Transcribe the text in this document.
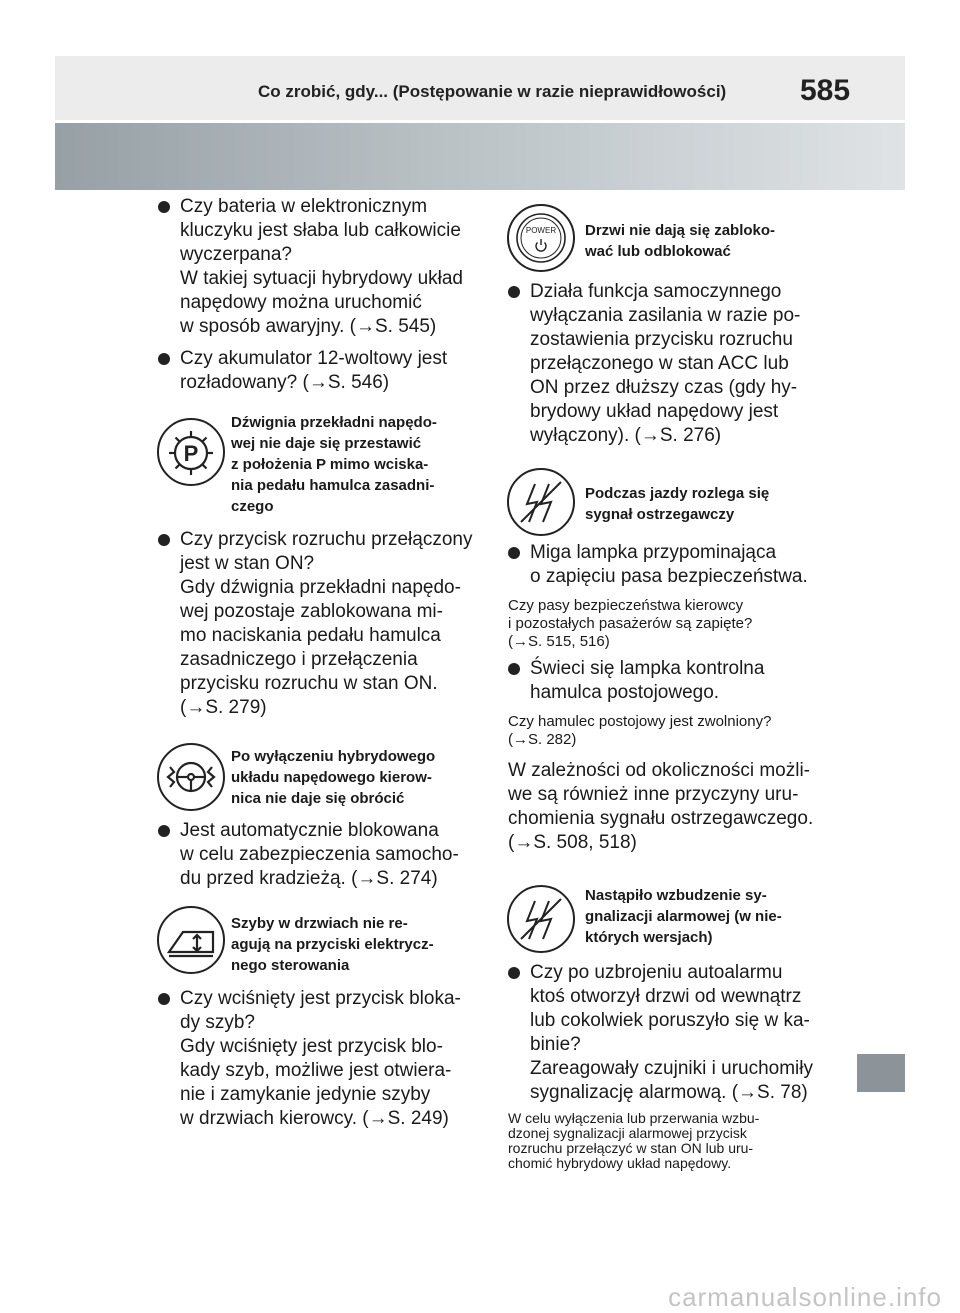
Co zrobić, gdy... (Postępowanie w razie nieprawidłowości) 585
Czy bateria w elektronicznym
kluczyku jest słaba lub całkowicie
wyczerpana?
W takiej sytuacji hybrydowy układ
napędowy można uruchomić
w sposób awaryjny. (→S. 545)
Czy akumulator 12-woltowy jest
rozładowany? (→S. 546)
P
Dźwignia przekładni napędo-
wej nie daje się przestawić
z położenia P mimo wciska-
nia pedału hamulca zasadni-
czego
Czy przycisk rozruchu przełączony
jest w stan ON?
Gdy dźwignia przekładni napędo-
wej pozostaje zablokowana mi-
mo naciskania pedału hamulca
zasadniczego i przełączenia
przycisku rozruchu w stan ON.
(→S. 279)
Po wyłączeniu hybrydowego
układu napędowego kierow-
nica nie daje się obrócić
Jest automatycznie blokowana
w celu zabezpieczenia samocho-
du przed kradzieżą. (→S. 274)
Szyby w drzwiach nie re-
agują na przyciski elektrycz-
nego sterowania
Czy wciśnięty jest przycisk bloka-
dy szyb?
Gdy wciśnięty jest przycisk blo-
kady szyb, możliwe jest otwiera-
nie i zamykanie jedynie szyby
w drzwiach kierowcy. (→S. 249)
POWER	Drzwi nie dają się zabloko-
wać lub odblokować
Działa funkcja samoczynnego
wyłączania zasilania w razie po-
zostawienia przycisku rozruchu
przełączonego w stan ACC lub
ON przez dłuższy czas (gdy hy-
brydowy układ napędowy jest
wyłączony). (→S. 276)
Podczas jazdy rozlega się
sygnał ostrzegawczy
Miga lampka przypominająca
o zapięciu pasa bezpieczeństwa.
Czy pasy bezpieczeństwa kierowcy
i pozostałych pasażerów są zapięte?
(→S. 515, 516)
Świeci się lampka kontrolna
hamulca postojowego.
Czy hamulec postojowy jest zwolniony?
(→S. 282)
W zależności od okoliczności możli-
we są również inne przyczyny uru-
chomienia sygnału ostrzegawczego.
(→S. 508, 518)
Nastąpiło wzbudzenie sy-
gnalizacji alarmowej (w nie-
których wersjach)
Czy po uzbrojeniu autoalarmu
ktoś otworzył drzwi od wewnątrz
lub cokolwiek poruszyło się w ka-
binie?
Zareagowały czujniki i uruchomiły
sygnalizację alarmową. (→S. 78)
W celu wyłączenia lub przerwania wzbu-
dzonej sygnalizacji alarmowej przycisk
rozruchu przełączyć w stan ON lub uru-
chomić hybrydowy układ napędowy.
carmanualsonline.info
